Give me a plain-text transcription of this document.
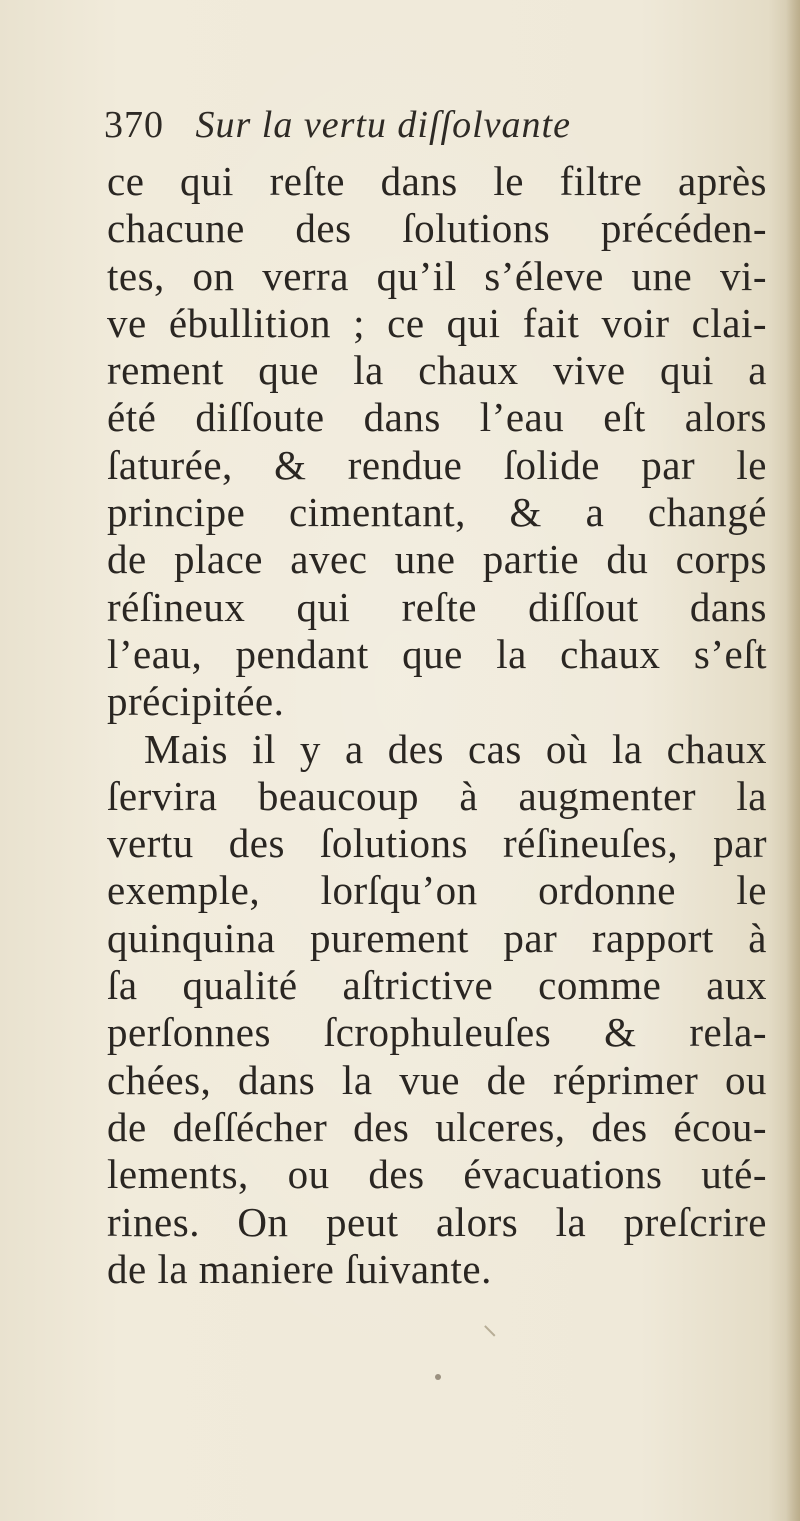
370 Sur la vertu diſſolvante
ce qui reſte dans le filtre après
chacune des ſolutions précéden-
tes, on verra qu’il s’éleve une vi-
ve ébullition ; ce qui fait voir clai-
rement que la chaux vive qui a
été diſſoute dans l’eau eſt alors
ſaturée, & rendue ſolide par le
principe cimentant, & a changé
de place avec une partie du corps
réſineux qui reſte diſſout dans
l’eau, pendant que la chaux s’eſt
précipitée.
Mais il y a des cas où la chaux
ſervira beaucoup à augmenter la
vertu des ſolutions réſineuſes, par
exemple, lorſqu’on ordonne le
quinquina purement par rapport à
ſa qualité aſtrictive comme aux
perſonnes ſcrophuleuſes & rela-
chées, dans la vue de réprimer ou
de deſſécher des ulceres, des écou-
lements, ou des évacuations uté-
rines. On peut alors la preſcrire
de la maniere ſuivante.
